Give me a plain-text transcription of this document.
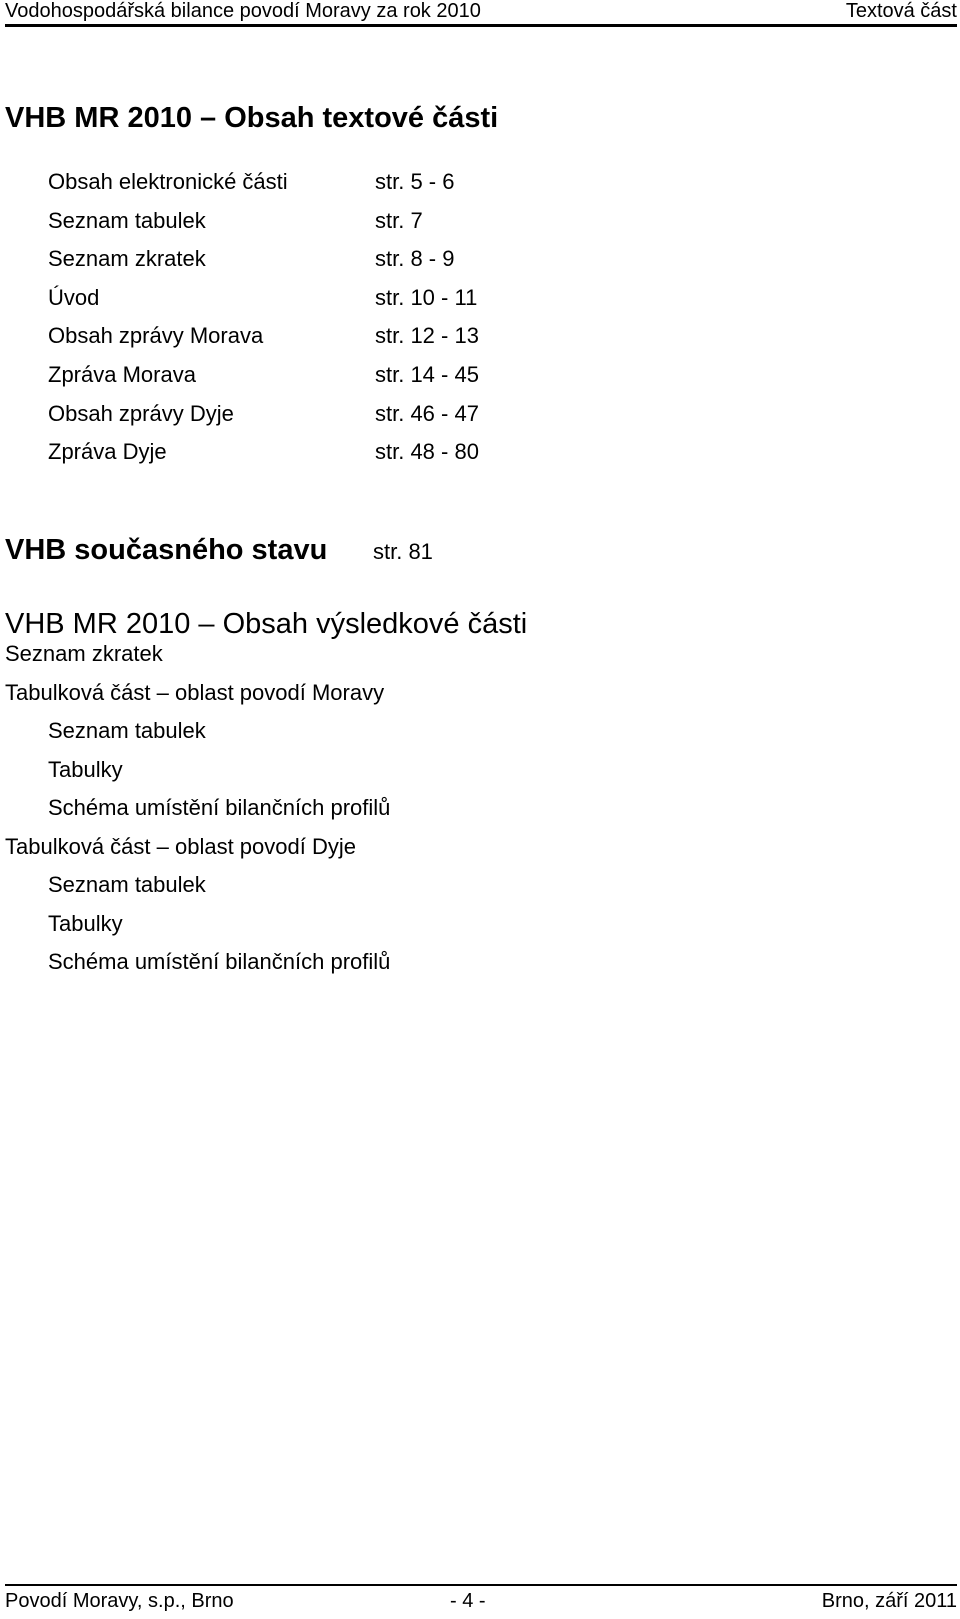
Vodohospodářská bilance povodí Moravy za rok 2010	Textová část
VHB MR 2010 – Obsah textové části
Obsah elektronické části	str. 5 - 6
Seznam tabulek	str. 7
Seznam zkratek	str. 8 - 9
Úvod	str. 10 - 11
Obsah zprávy Morava	str. 12 - 13
Zpráva Morava	str. 14 - 45
Obsah zprávy Dyje	str. 46 - 47
Zpráva Dyje	str. 48 - 80
VHB současného stavu str. 81
VHB MR 2010 – Obsah výsledkové části
Seznam zkratek
Tabulková část – oblast povodí Moravy
Seznam tabulek
Tabulky
Schéma umístění bilančních profilů
Tabulková část – oblast povodí Dyje
Seznam tabulek
Tabulky
Schéma umístění bilančních profilů
Povodí Moravy, s.p., Brno	- 4 -	Brno, září 2011
